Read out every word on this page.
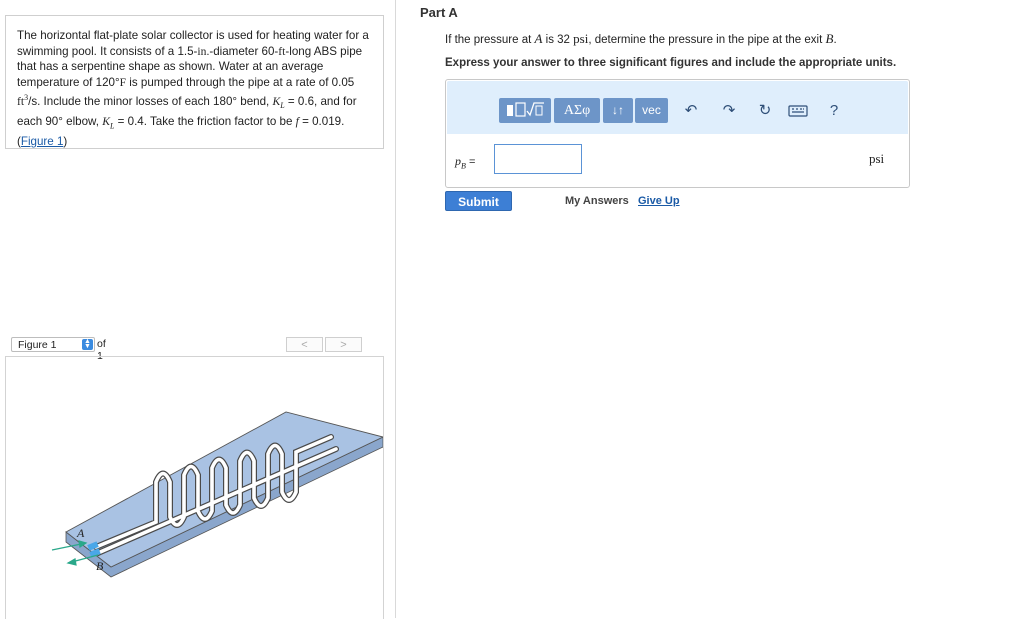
The horizontal flat-plate solar collector is used for heating water for a swimming pool. It consists of a 1.5-in.-diameter 60-ft-long ABS pipe that has a serpentine shape as shown. Water at an average temperature of 120°F is pumped through the pipe at a rate of 0.05 $ft^3/s$. Include the minor losses of each 180° bend, $K_L = 0.6$, and for each 90° elbow, $K_L = 0.4$. Take the friction factor to be f = 0.019. (Figure 1)
Figure 1	▲
▼ of 1
<	>
A
B
Part A
If the pressure at A is 32 psi, determine the pressure in the pipe at the exit B.
Express your answer to three significant figures and include the appropriate units.
ΑΣφ	↓↑	vec	↶ ↷ ↻	?
$p_B$ =	psi
Submit	My Answers Give Up
